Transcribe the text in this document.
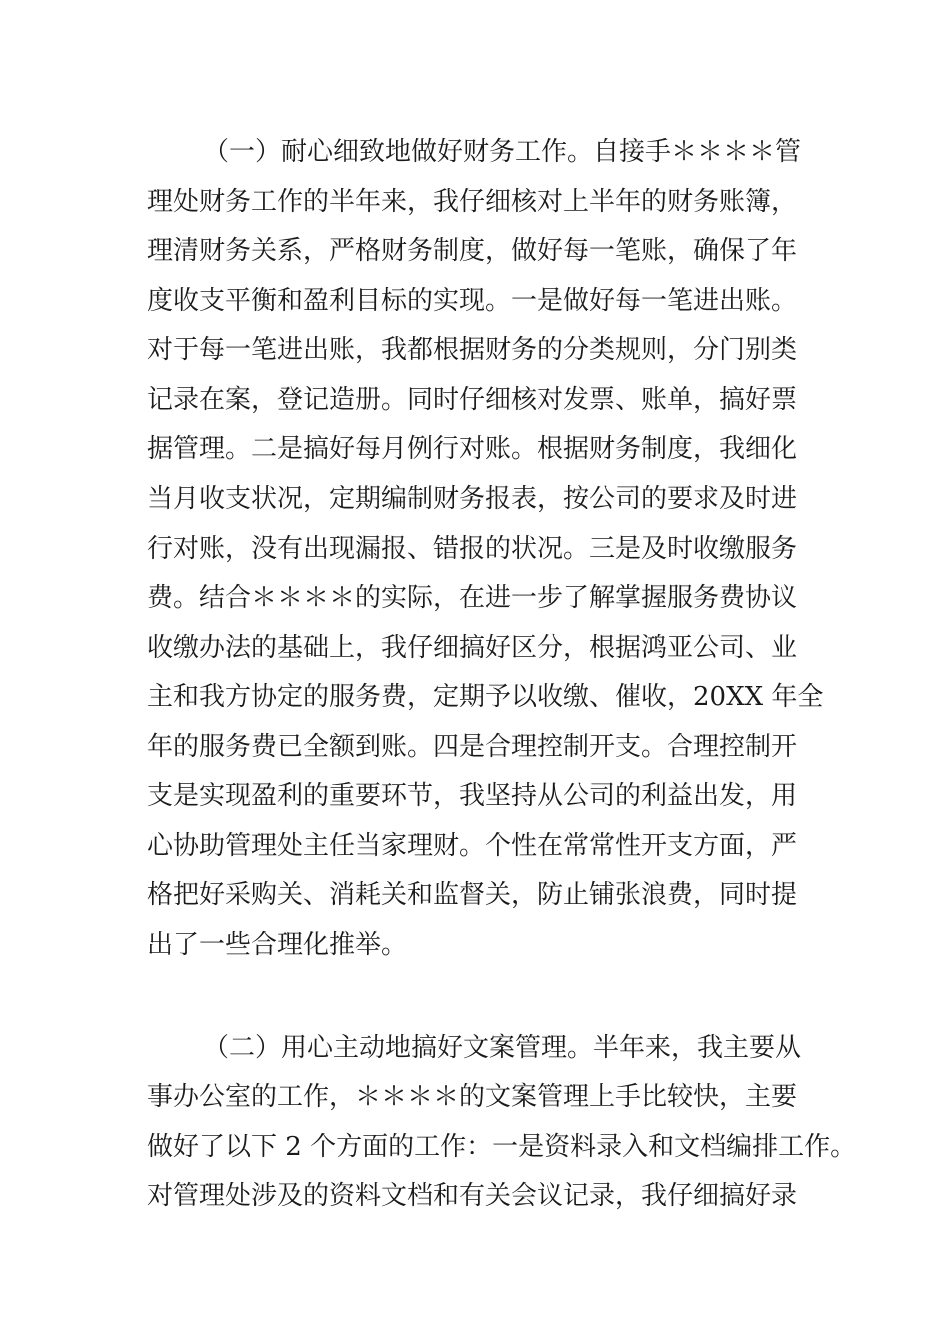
（一）耐心细致地做好财务工作。自接手＊＊＊＊管

理处财务工作的半年来，我仔细核对上半年的财务账簿，

理清财务关系，严格财务制度，做好每一笔账，确保了年

度收支平衡和盈利目标的实现。一是做好每一笔进出账。

对于每一笔进出账，我都根据财务的分类规则，分门别类

记录在案，登记造册。同时仔细核对发票、账单，搞好票

据管理。二是搞好每月例行对账。根据财务制度，我细化

当月收支状况，定期编制财务报表，按公司的要求及时进

行对账，没有出现漏报、错报的状况。三是及时收缴服务

费。结合＊＊＊＊的实际，在进一步了解掌握服务费协议

收缴办法的基础上，我仔细搞好区分，根据鸿亚公司、业

主和我方协定的服务费，定期予以收缴、催收，20XX 年全

年的服务费已全额到账。四是合理控制开支。合理控制开

支是实现盈利的重要环节，我坚持从公司的利益出发，用

心协助管理处主任当家理财。个性在常常性开支方面，严

格把好采购关、消耗关和监督关，防止铺张浪费，同时提

出了一些合理化推举。

（二）用心主动地搞好文案管理。半年来，我主要从

事办公室的工作，＊＊＊＊的文案管理上手比较快，主要

做好了以下 2 个方面的工作：一是资料录入和文档编排工作。

对管理处涉及的资料文档和有关会议记录，我仔细搞好录
